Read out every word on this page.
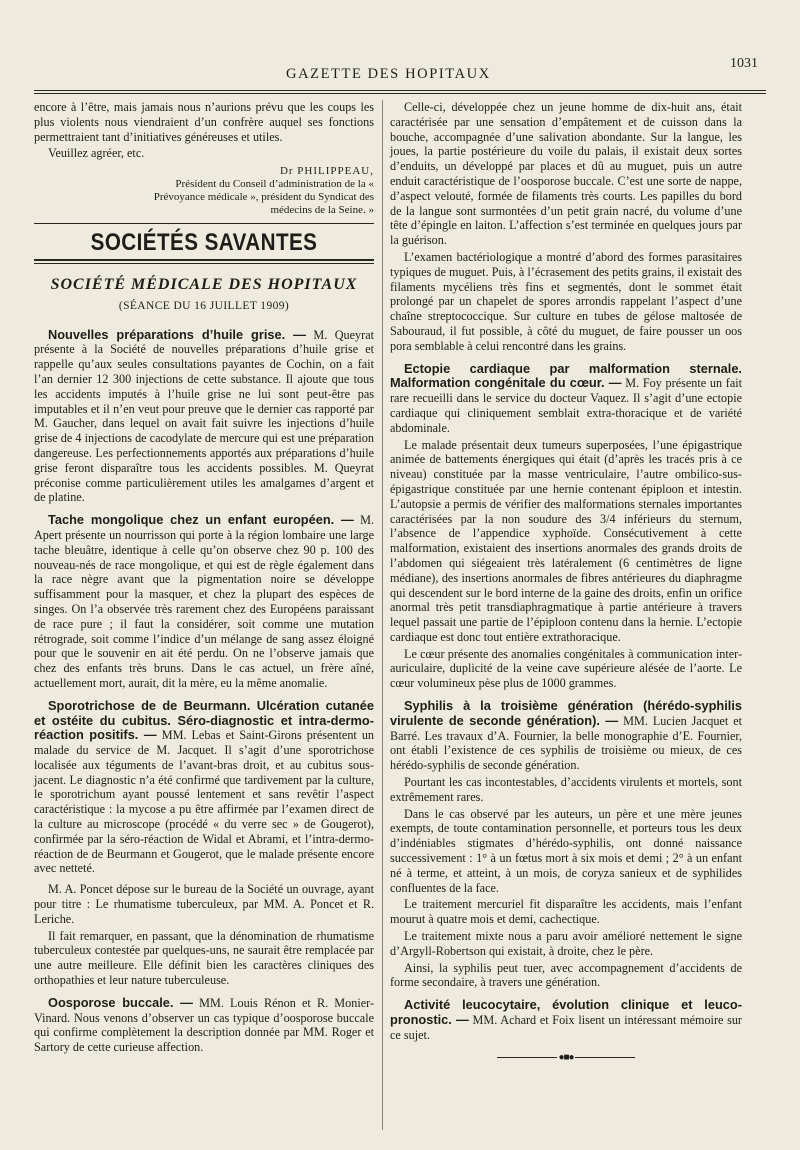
GAZETTE DES HOPITAUX
1031

encore à l’être, mais jamais nous n’aurions prévu que les coups les plus violents nous viendraient d’un confrère auquel ses fonctions permettraient tant d’initiatives généreuses et utiles.

Veuillez agréer, etc.

Dr PHILIPPEAU,
Président du Conseil d’administration de la « Prévoyance médicale », président du Syndicat des médecins de la Seine. »
SOCIÉTÉS SAVANTES
SOCIÉTÉ MÉDICALE DES HOPITAUX
(SÉANCE DU 16 JUILLET 1909)

Nouvelles préparations d’huile grise. — M. Queyrat présente à la Société de nouvelles préparations d’huile grise et rappelle qu’aux seules consultations payantes de Cochin, on a fait l’an dernier 12 300 injections de cette substance. Il ajoute que tous les accidents imputés à l’huile grise ne lui sont peut-être pas imputables et il n’en veut pour preuve que le dernier cas rapporté par M. Gaucher, dans lequel on avait fait suivre les injections d’huile grise de 4 injections de cacodylate de mercure qui est une préparation dangereuse. Les perfectionnements apportés aux préparations d’huile grise feront disparaître tous les accidents possibles. M. Queyrat préconise comme particulièrement utiles les amalgames d’argent et de platine.

Tache mongolique chez un enfant européen. — M. Apert présente un nourrisson qui porte à la région lombaire une large tache bleuâtre, identique à celle qu’on observe chez 90 p. 100 des nouveau-nés de race mongolique, et qui est de règle également dans la race nègre avant que la pigmentation noire se développe suffisamment pour la masquer, et chez la plupart des espèces de singes. On l’a observée très rarement chez des Européens paraissant de race pure ; il faut la considérer, soit comme une mutation rétrograde, soit comme l’indice d’un mélange de sang assez éloigné pour que le souvenir en ait été perdu. On ne l’observe jamais que chez des enfants très bruns. Dans le cas actuel, un frère aîné, actuellement mort, aurait, dit la mère, eu la même anomalie.

Sporotrichose de de Beurmann. Ulcération cutanée et ostéite du cubitus. Séro-diagnostic et intra-dermo-réaction positifs. — MM. Lebas et Saint-Girons présentent un malade du service de M. Jacquet. Il s’agit d’une sporotrichose localisée aux téguments de l’avant-bras droit, et au cubitus sous-jacent. Le diagnostic n’a été confirmé que tardivement par la culture, le sporotrichum ayant poussé lentement et sans revêtir l’aspect caractéristique : la mycose a pu être affirmée par l’examen direct de la culture au microscope (procédé « du verre sec » de Gougerot), confirmée par la séro-réaction de Widal et Abrami, et l’intra-dermo-réaction de de Beurmann et Gougerot, que le malade présente encore avec netteté.

M. A. Poncet dépose sur le bureau de la Société un ouvrage, ayant pour titre : Le rhumatisme tuberculeux, par MM. A. Poncet et R. Leriche.

Il fait remarquer, en passant, que la dénomination de rhumatisme tuberculeux contestée par quelques-uns, ne saurait être remplacée par une autre meilleure. Elle définit bien les caractères cliniques des orthopathies et leur nature tuberculeuse.

Oosporose buccale. — MM. Louis Rénon et R. Monier-Vinard. Nous venons d’observer un cas typique d’oosporose buccale qui confirme complètement la description donnée par MM. Roger et Sartory de cette curieuse affection.

Celle-ci, développée chez un jeune homme de dix-huit ans, était caractérisée par une sensation d’empâtement et de cuisson dans la bouche, accompagnée d’une salivation abondante. Sur la langue, les joues, la partie postérieure du voile du palais, il existait deux sortes d’enduits, un développé par places et dû au muguet, puis un autre enduit caractéristique de l’oosporose buccale. C’est une sorte de nappe, d’aspect velouté, formée de filaments très courts. Les papilles du bord de la langue sont surmontées d’un petit grain nacré, du volume d’une tête d’épingle en laiton. L’affection s’est terminée en quelques jours par la guérison.

L’examen bactériologique a montré d’abord des formes parasitaires typiques de muguet. Puis, à l’écrasement des petits grains, il existait des filaments mycéliens très fins et segmentés, dont le sommet était prolongé par un chapelet de spores arrondis rappelant l’aspect d’une chaîne streptococcique. Sur culture en tubes de gélose maltosée de Sabouraud, il fut possible, à côté du muguet, de faire pousser un oos pora semblable à celui rencontré dans les grains.

Ectopie cardiaque par malformation sternale. Malformation congénitale du cœur. — M. Foy présente un fait rare recueilli dans le service du docteur Vaquez. Il s’agit d’une ectopie cardiaque qui cliniquement semblait extra-thoracique et de variété abdominale.

Le malade présentait deux tumeurs superposées, l’une épigastrique animée de battements énergiques qui était (d’après les tracés pris à ce niveau) constituée par la masse ventriculaire, l’autre ombilico-sus-épigastrique constituée par une hernie contenant épiploon et intestin. L’autopsie a permis de vérifier des malformations sternales importantes caractérisées par la non soudure des 3/4 inférieurs du sternum, l’absence de l’appendice xyphoïde. Consécutivement à cette malformation, existaient des insertions anormales des grands droits de l’abdomen qui siégeaient très latéralement (6 centimètres de ligne médiane), des insertions anormales de fibres antérieures du diaphragme qui descendent sur le bord interne de la gaine des droits, enfin un orifice anormal très petit transdiaphragmatique à partie antérieure à travers lequel passait une partie de l’épiploon contenu dans la hernie. L’ectopie cardiaque est donc tout entière extrathoracique.

Le cœur présente des anomalies congénitales à communication inter-auriculaire, duplicité de la veine cave supérieure alésée de l’aorte. Le cœur volumineux pèse plus de 1000 grammes.

Syphilis à la troisième génération (hérédo-syphilis virulente de seconde génération). — MM. Lucien Jacquet et Barré. Les travaux d’A. Fournier, la belle monographie d’E. Fournier, ont établi l’existence de ces syphilis de troisième ou mieux, de ces hérédo-syphilis de seconde génération.

Pourtant les cas incontestables, d’accidents virulents et mortels, sont extrêmement rares.

Dans le cas observé par les auteurs, un père et une mère jeunes exempts, de toute contamination personnelle, et porteurs tous les deux d’indéniables stigmates d’hérédo-syphilis, ont donné naissance successivement : 1° à un fœtus mort à six mois et demi ; 2° à un enfant né à terme, et atteint, à un mois, de coryza sanieux et de syphilides confluentes de la face.

Le traitement mercuriel fit disparaître les accidents, mais l’enfant mourut à quatre mois et demi, cachectique.

Le traitement mixte nous a paru avoir amélioré nettement le signe d’Argyll-Robertson qui existait, à droite, chez le père.

Ainsi, la syphilis peut tuer, avec accompagnement d’accidents de forme secondaire, à travers une génération.

Activité leucocytaire, évolution clinique et leuco-pronostic. — MM. Achard et Foix lisent un intéressant mémoire sur ce sujet.

●■●
